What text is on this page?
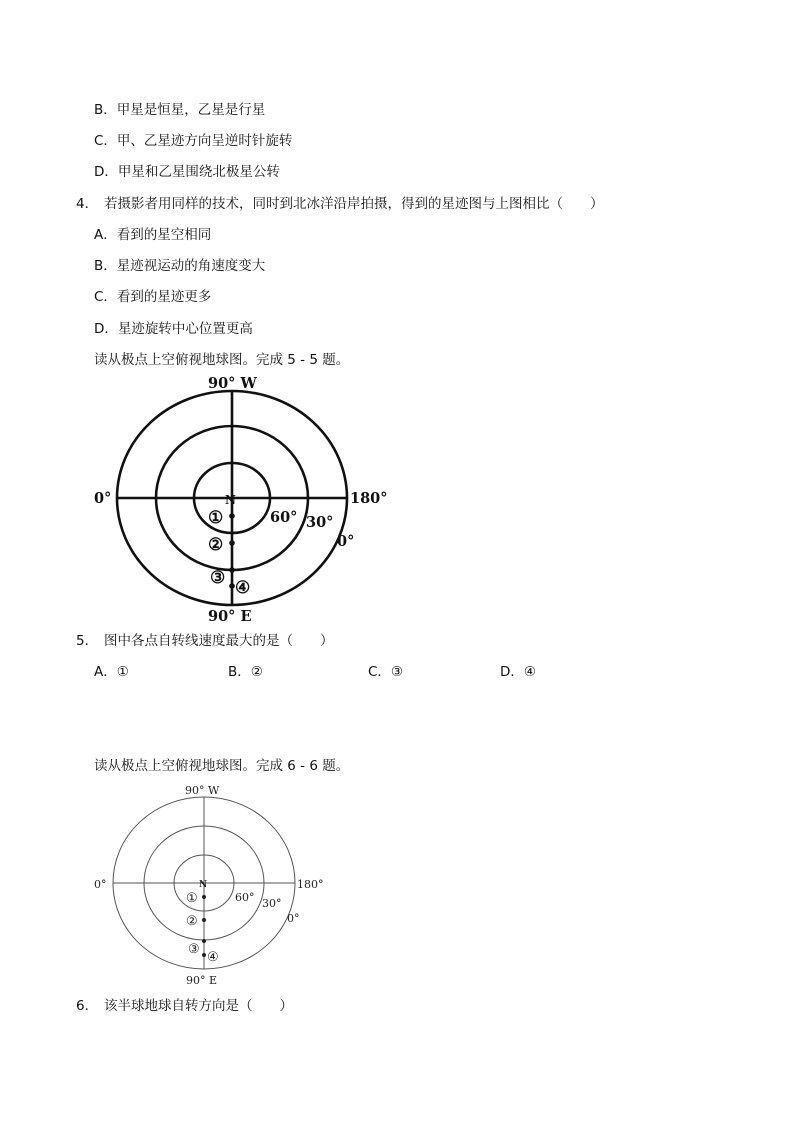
B．甲星是恒星，乙星是行星
C．甲、乙星迹方向呈逆时针旋转
D．甲星和乙星围绕北极星公转
4． 若摄影者用同样的技术，同时到北冰洋沿岸拍摄，得到的星迹图与上图相比（　　）
A．看到的星空相同
B．星迹视运动的角速度变大
C．看到的星迹更多
D．星迹旋转中心位置更高
读从极点上空俯视地球图。完成 5 - 5 题。
90° W
0°	180°
90° E
N
60° 30°
0°
①
②
③ ④
5． 图中各点自转线速度最大的是（　　）
A．①	B．②	C．③	D．④
读从极点上空俯视地球图。完成 6 - 6 题。
90° W
0°	180°
90° E
N
60° 30°
0°
①
②
③
④
6． 该半球地球自转方向是（　　）
